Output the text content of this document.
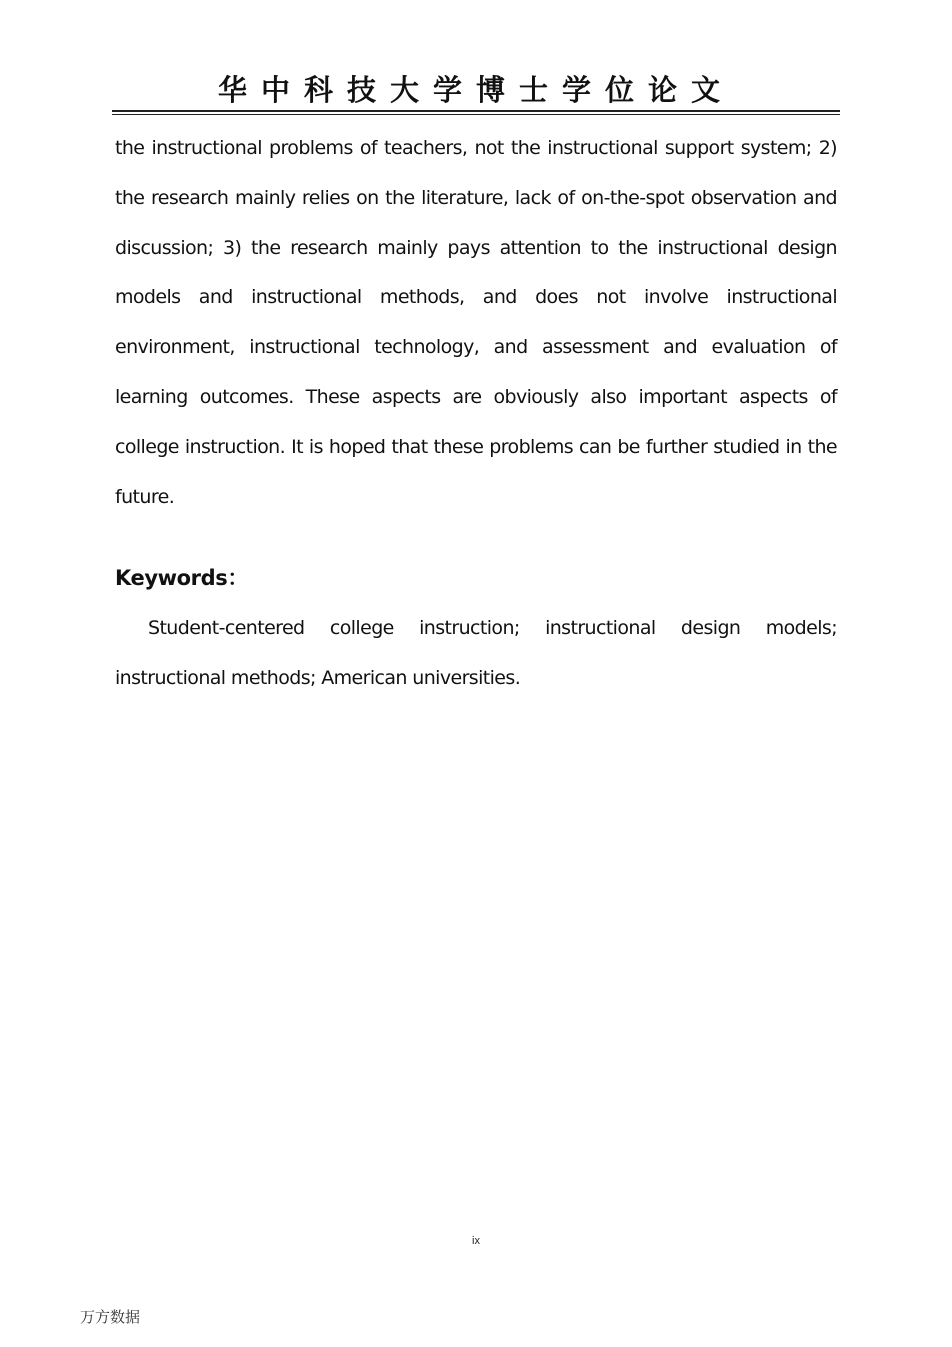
华中科技大学博士学位论文

the instructional problems of teachers, not the instructional support system; 2) the research mainly relies on the literature, lack of on-the-spot observation and discussion; 3) the research mainly pays attention to the instructional design models and instructional methods, and does not involve instructional environment, instructional technology, and assessment and evaluation of learning outcomes. These aspects are obviously also important aspects of college instruction. It is hoped that these problems can be further studied in the future.

Keywords：

Student-centered college instruction; instructional design models; instructional methods; American universities.

ix
万方数据
